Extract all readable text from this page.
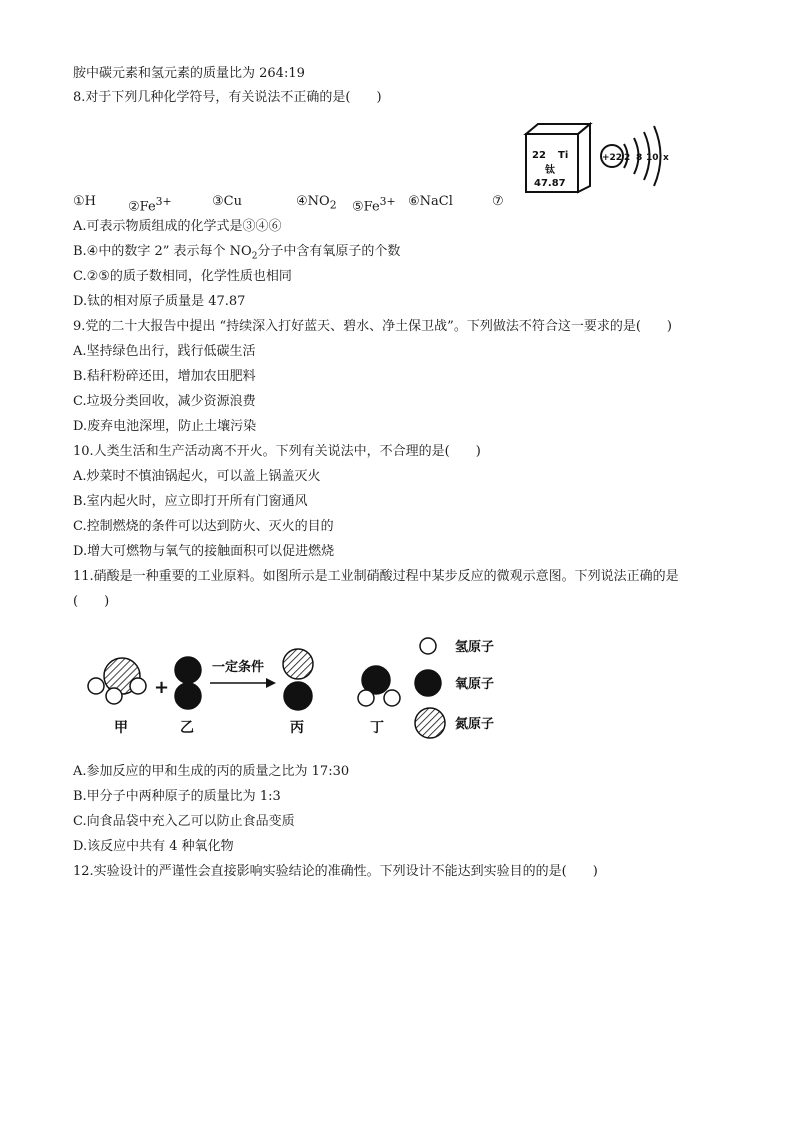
胺中碳元素和氢元素的质量比为 264:19
8.对于下列几种化学符号，有关说法不正确的是(　　)
22 Ti
钛
47.87
+22 2 8 10 x
①H $②Fe^{3+}$	③Cu	$④NO_2$ $⑤Fe^{3+}$ ⑥NaCl	⑦
A.可表示物质组成的化学式是③④⑥
B.④中的数字 2” 表示每个 $NO_2$分子中含有氧原子的个数
C.②⑤的质子数相同，化学性质也相同
D.钛的相对原子质量是 47.87
9.党的二十大报告中提出 “持续深入打好蓝天、碧水、净土保卫战”。下列做法不符合这一要求的是(　　)
A.坚持绿色出行，践行低碳生活
B.秸秆粉碎还田，增加农田肥料
C.垃圾分类回收，减少资源浪费
D.废弃电池深埋，防止土壤污染
10.人类生活和生产活动离不开火。下列有关说法中，不合理的是(　　)
A.炒菜时不慎油锅起火，可以盖上锅盖灭火
B.室内起火时，应立即打开所有门窗通风
C.控制燃烧的条件可以达到防火、灭火的目的
D.增大可燃物与氧气的接触面积可以促进燃烧
11.硝酸是一种重要的工业原料。如图所示是工业制硝酸过程中某步反应的微观示意图。下列说法正确的是
(　　)
+
一定条件
甲	乙	丙	丁
氢原子
氧原子
氮原子
A.参加反应的甲和生成的丙的质量之比为 17:30
B.甲分子中两种原子的质量比为 1:3
C.向食品袋中充入乙可以防止食品变质
D.该反应中共有 4 种氧化物
12.实验设计的严谨性会直接影响实验结论的准确性。下列设计不能达到实验目的的是(　　)
